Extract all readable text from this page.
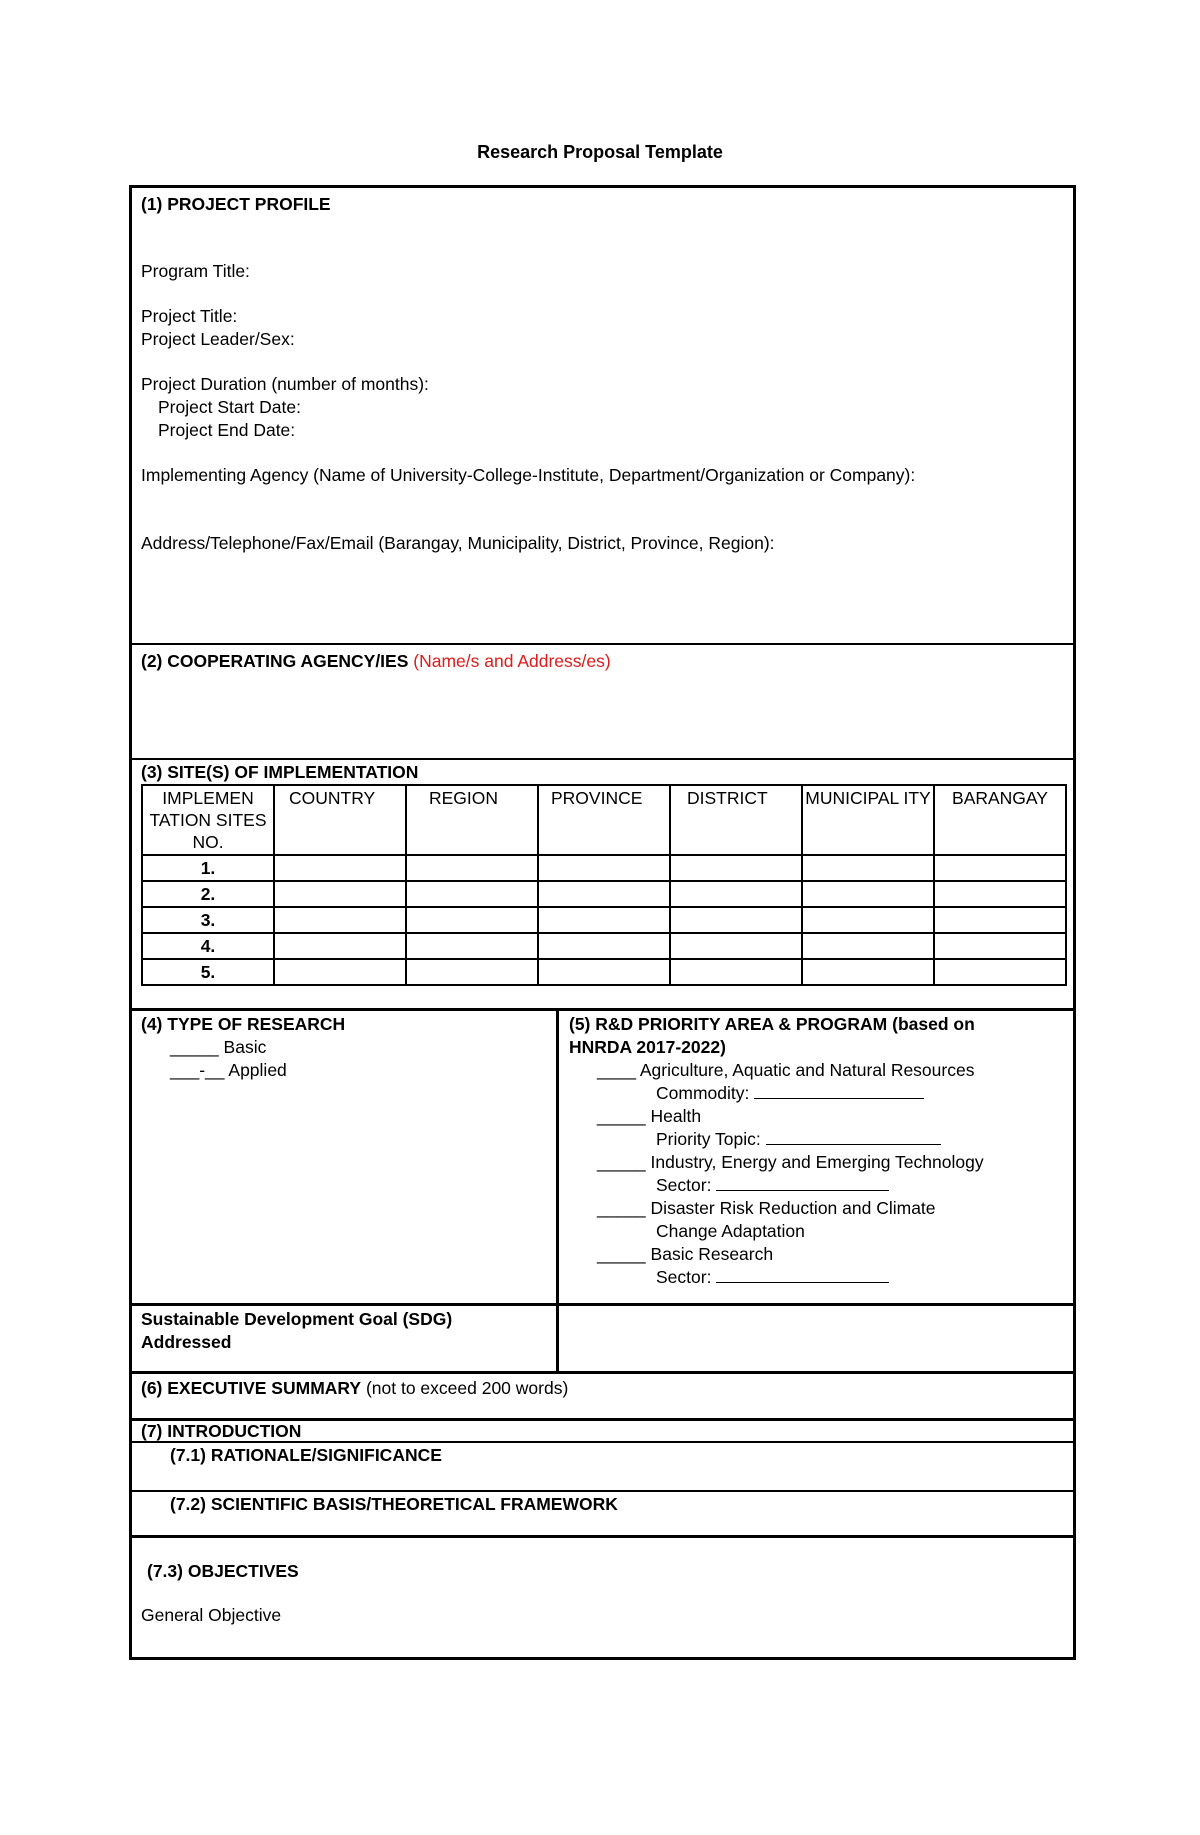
Research Proposal Template
(1) PROJECT PROFILE
Program Title:
Project Title:
Project Leader/Sex:
Project Duration (number of months):
Project Start Date:
Project End Date:
Implementing Agency (Name of University-College-Institute, Department/Organization or Company):
Address/Telephone/Fax/Email (Barangay, Municipality, District, Province, Region):
(2) COOPERATING AGENCY/IES (Name/s and Address/es)
(3) SITE(S) OF IMPLEMENTATION
IMPLEMEN TATION SITES NO.	COUNTRY	REGION	PROVINCE	DISTRICT	MUNICIPAL ITY	BARANGAY
1.						
2.						
3.						
4.						
5.						
(4) TYPE OF RESEARCH
_____ Basic
___-__ Applied
(5) R&D PRIORITY AREA & PROGRAM (based on
HNRDA 2017-2022)
____ Agriculture, Aquatic and Natural Resources
Commodity:
_____ Health
Priority Topic:
_____ Industry, Energy and Emerging Technology
Sector:
_____ Disaster Risk Reduction and Climate
Change Adaptation
_____ Basic Research
Sector:
Sustainable Development Goal (SDG)
Addressed
(6) EXECUTIVE SUMMARY (not to exceed 200 words)
(7) INTRODUCTION
(7.1) RATIONALE/SIGNIFICANCE
(7.2) SCIENTIFIC BASIS/THEORETICAL FRAMEWORK
(7.3) OBJECTIVES
General Objective
